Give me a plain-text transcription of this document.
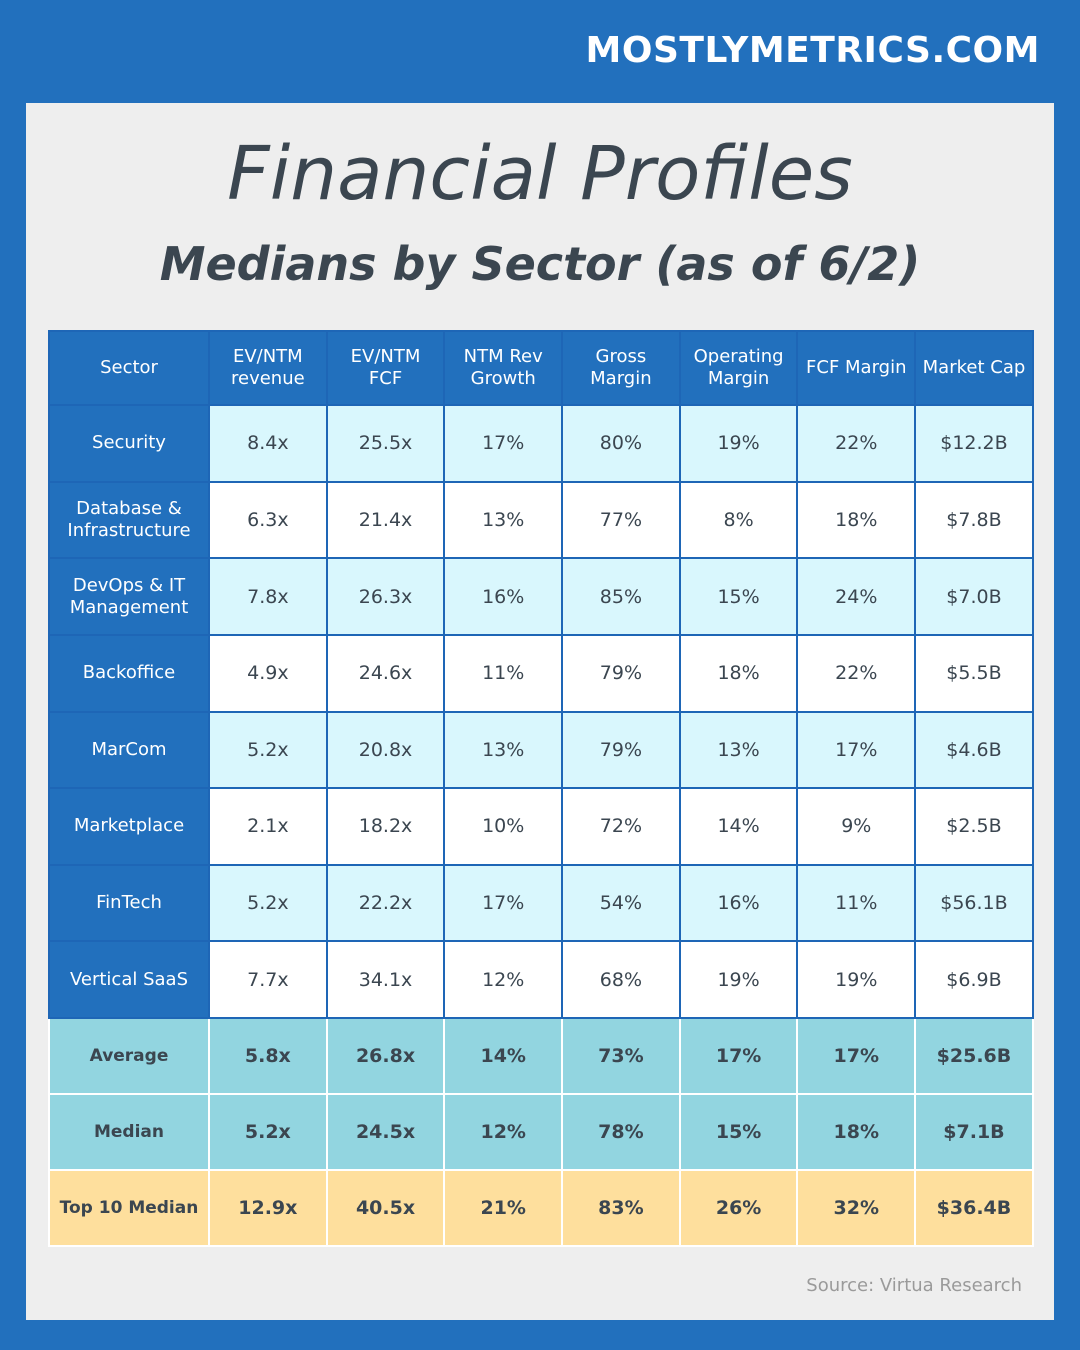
MOSTLYMETRICS.COM
Financial Profiles
Medians by Sector (as of 6/2)
Sector	EV/NTM revenue	EV/NTM FCF	NTM Rev Growth	Gross Margin	Operating Margin	FCF Margin	Market Cap
Security	8.4x	25.5x	17%	80%	19%	22%	$12.2B
Database & Infrastructure	6.3x	21.4x	13%	77%	8%	18%	$7.8B
DevOps & IT Management	7.8x	26.3x	16%	85%	15%	24%	$7.0B
Backoffice	4.9x	24.6x	11%	79%	18%	22%	$5.5B
MarCom	5.2x	20.8x	13%	79%	13%	17%	$4.6B
Marketplace	2.1x	18.2x	10%	72%	14%	9%	$2.5B
FinTech	5.2x	22.2x	17%	54%	16%	11%	$56.1B
Vertical SaaS	7.7x	34.1x	12%	68%	19%	19%	$6.9B
Average	5.8x	26.8x	14%	73%	17%	17%	$25.6B
Median	5.2x	24.5x	12%	78%	15%	18%	$7.1B
Top 10 Median	12.9x	40.5x	21%	83%	26%	32%	$36.4B
Source: Virtua Research
